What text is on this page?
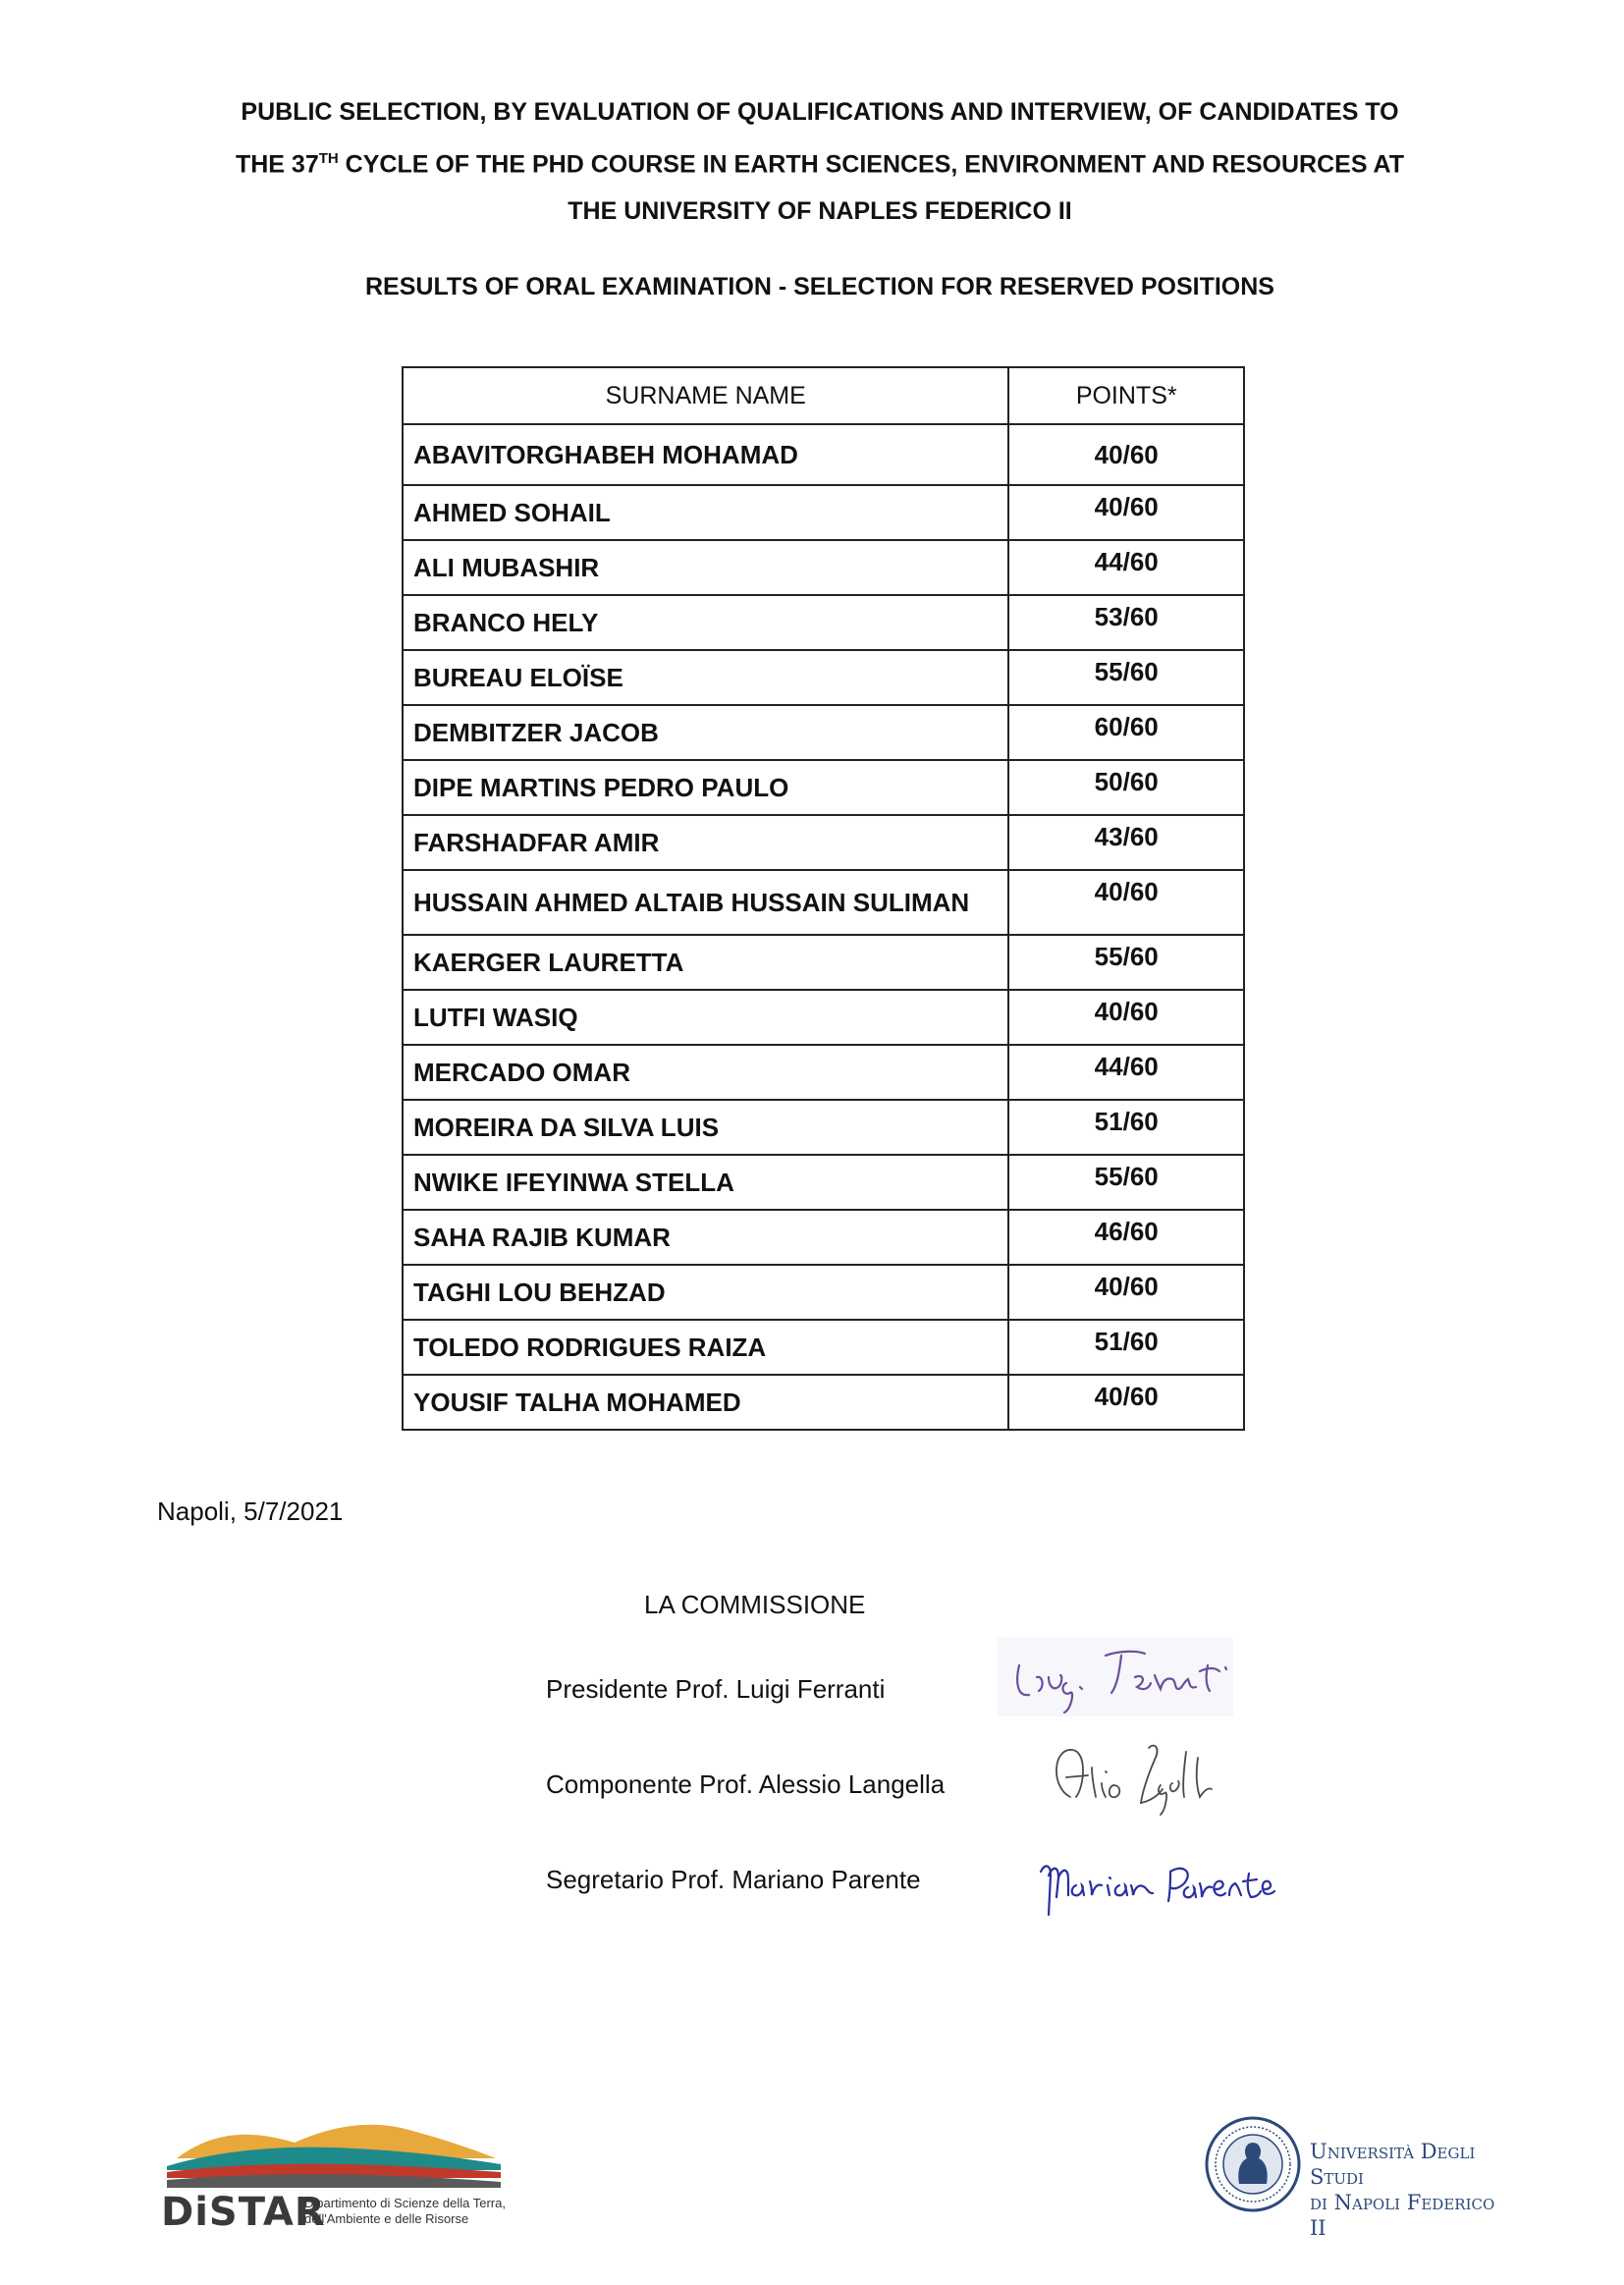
PUBLIC SELECTION, BY EVALUATION OF QUALIFICATIONS AND INTERVIEW, OF CANDIDATES TO
THE 37TH CYCLE OF THE PHD COURSE IN EARTH SCIENCES, ENVIRONMENT AND RESOURCES AT
THE UNIVERSITY OF NAPLES FEDERICO II
RESULTS OF ORAL EXAMINATION - SELECTION FOR RESERVED POSITIONS
SURNAME NAME	POINTS*
ABAVITORGHABEH MOHAMAD	40/60
AHMED SOHAIL	40/60
ALI MUBASHIR	44/60
BRANCO HELY	53/60
BUREAU ELOÏSE	55/60
DEMBITZER JACOB	60/60
DIPE MARTINS PEDRO PAULO	50/60
FARSHADFAR AMIR	43/60
HUSSAIN AHMED ALTAIB HUSSAIN SULIMAN	40/60
KAERGER LAURETTA	55/60
LUTFI WASIQ	40/60
MERCADO OMAR	44/60
MOREIRA DA SILVA LUIS	51/60
NWIKE IFEYINWA STELLA	55/60
SAHA RAJIB KUMAR	46/60
TAGHI LOU BEHZAD	40/60
TOLEDO RODRIGUES RAIZA	51/60
YOUSIF TALHA MOHAMED	40/60
Napoli, 5/7/2021
LA COMMISSIONE
Presidente Prof. Luigi Ferranti
Componente Prof. Alessio Langella
Segretario Prof. Mariano Parente
DiSTAR
Dipartimento di Scienze della Terra,
dell'Ambiente e delle Risorse
Università Degli Studi
di Napoli Federico II
